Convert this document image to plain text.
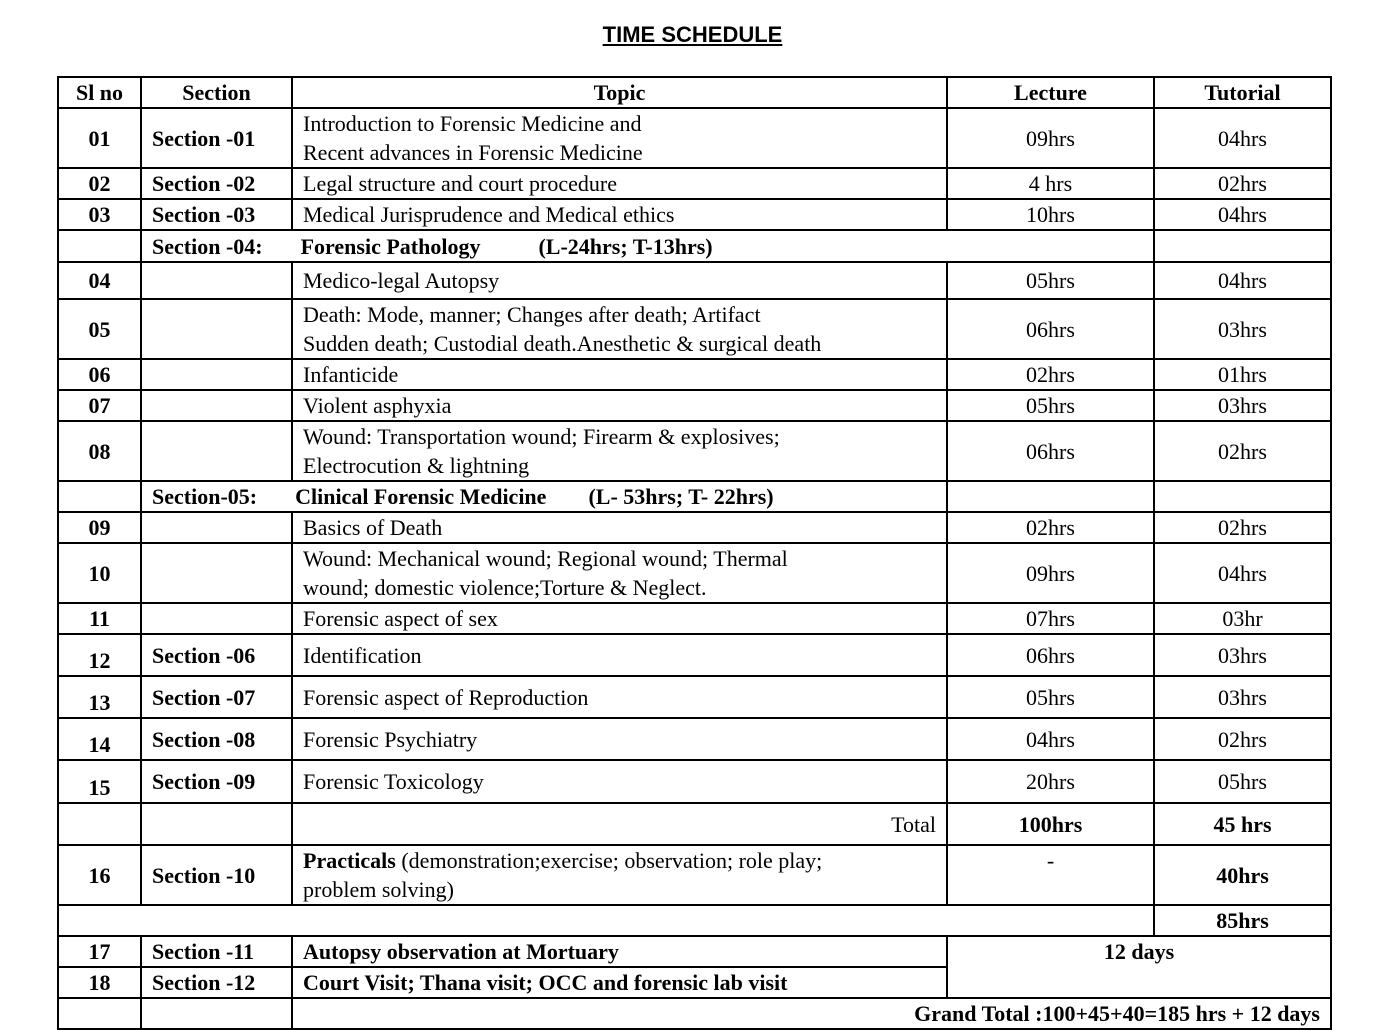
TIME SCHEDULE
Sl no	Section	Topic	Lecture	Tutorial
01	Section -01	Introduction to Forensic Medicine and
Recent advances in Forensic Medicine	09hrs	04hrs
02	Section -02	Legal structure and court procedure	4 hrs	02hrs
03	Section -03	Medical Jurisprudence and Medical ethics	10hrs	04hrs
	Section -04: Forensic Pathology (L-24hrs; T-13hrs)			
04		Medico-legal Autopsy	05hrs	04hrs
05		Death: Mode, manner; Changes after death; Artifact
Sudden death; Custodial death.Anesthetic & surgical death	06hrs	03hrs
06		Infanticide	02hrs	01hrs
07		Violent asphyxia	05hrs	03hrs
08		Wound: Transportation wound; Firearm & explosives;
Electrocution & lightning	06hrs	02hrs
	Section-05: Clinical Forensic Medicine (L- 53hrs; T- 22hrs)			
09		Basics of Death	02hrs	02hrs
10		Wound: Mechanical wound; Regional wound; Thermal
wound; domestic violence;Torture & Neglect.	09hrs	04hrs
11		Forensic aspect of sex	07hrs	03hr
12	Section -06	Identification	06hrs	03hrs
13	Section -07	Forensic aspect of Reproduction	05hrs	03hrs
14	Section -08	Forensic Psychiatry	04hrs	02hrs
15	Section -09	Forensic Toxicology	20hrs	05hrs
		Total	100hrs	45 hrs
16	Section -10	Practicals (demonstration;exercise; observation; role play;
problem solving)	-	40hrs
				85hrs
17	Section -11	Autopsy observation at Mortuary	12 days	
18	Section -12	Court Visit; Thana visit; OCC and forensic lab visit		
		Grand Total :100+45+40=185 hrs + 12 days		
